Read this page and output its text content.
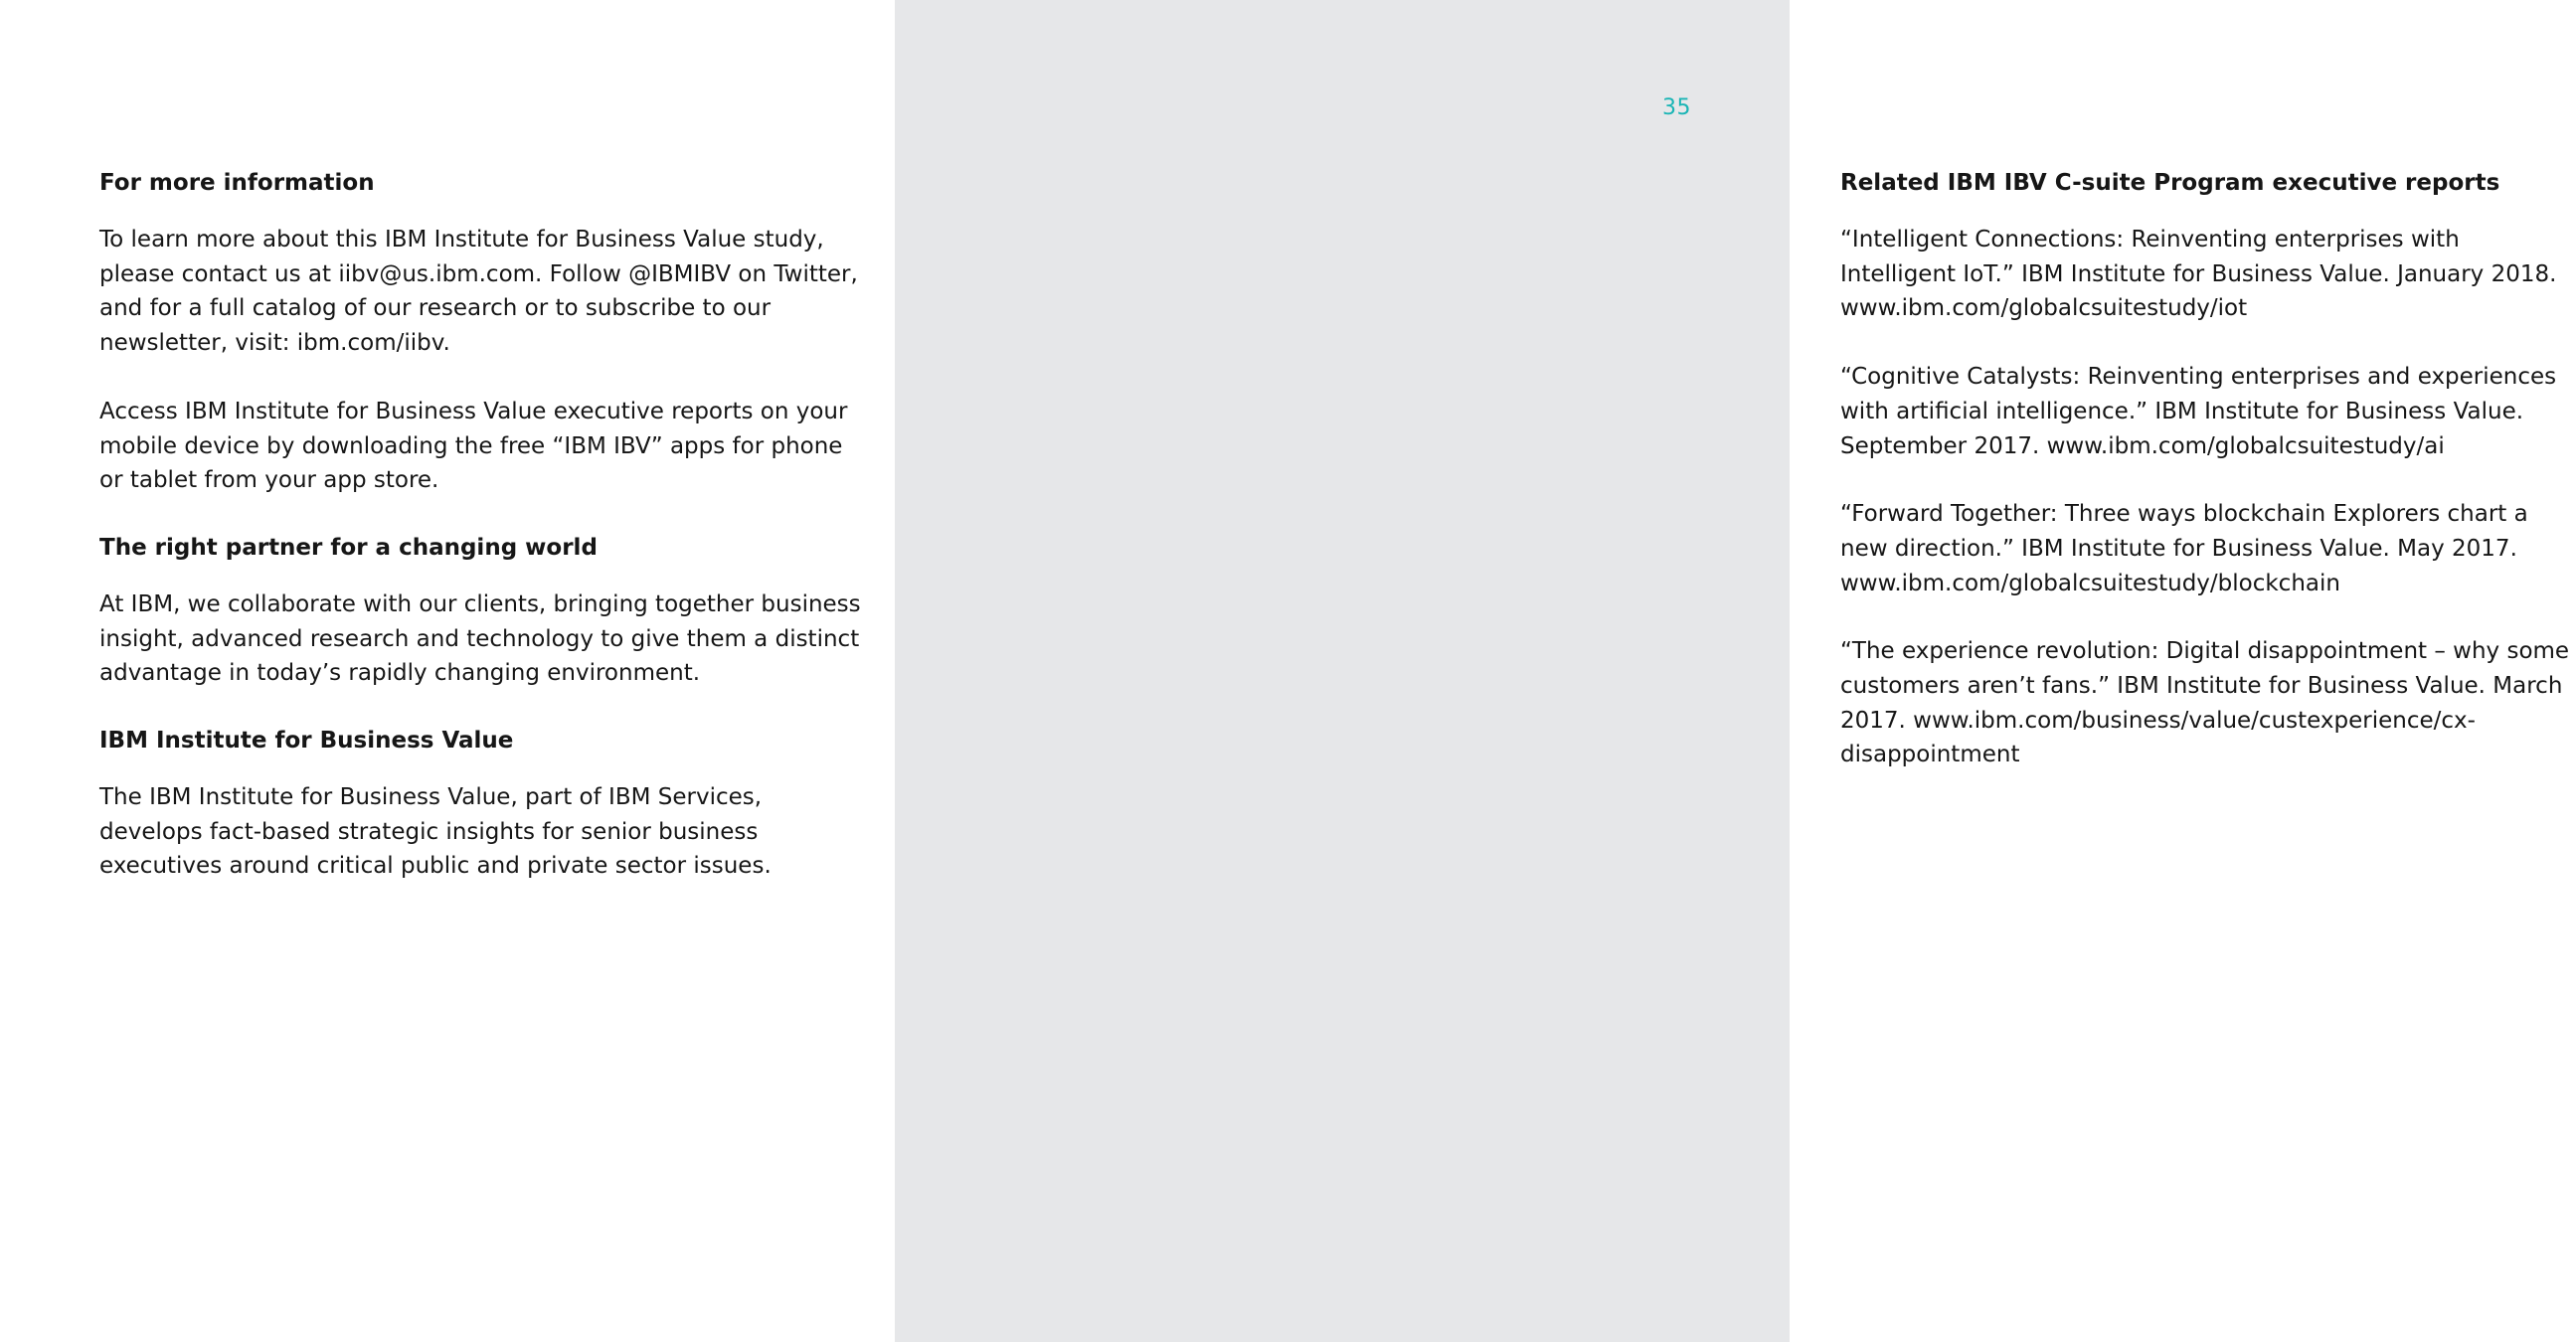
For more information

To learn more about this IBM Institute for Business Value study, please contact us at iibv@us.ibm.com. Follow @IBMIBV on Twitter, and for a full catalog of our research or to subscribe to our newsletter, visit: ibm.com/iibv.

Access IBM Institute for Business Value executive reports on your mobile device by downloading the free “IBM IBV” apps for phone or tablet from your app store.

The right partner for a changing world

At IBM, we collaborate with our clients, bringing together business insight, advanced research and technology to give them a distinct advantage in today’s rapidly changing environment.

IBM Institute for Business Value

The IBM Institute for Business Value, part of IBM Services, develops fact-based strategic insights for senior business executives around critical public and private sector issues.

35
Related IBM IBV C-suite Program executive reports

“Intelligent Connections: Reinventing enterprises with Intelligent IoT.” IBM Institute for Business Value. January 2018. www.ibm.com/globalcsuitestudy/iot

“Cognitive Catalysts: Reinventing enterprises and experiences with artificial intelligence.” IBM Institute for Business Value. September 2017. www.ibm.com/globalcsuitestudy/ai

“Forward Together: Three ways blockchain Explorers chart a new direction.” IBM Institute for Business Value. May 2017. www.ibm.com/globalcsuitestudy/blockchain

“The experience revolution: Digital disappointment – why some customers aren’t fans.” IBM Institute for Business Value. March 2017. www.ibm.com/business/value/custexperience/cx-disappointment
